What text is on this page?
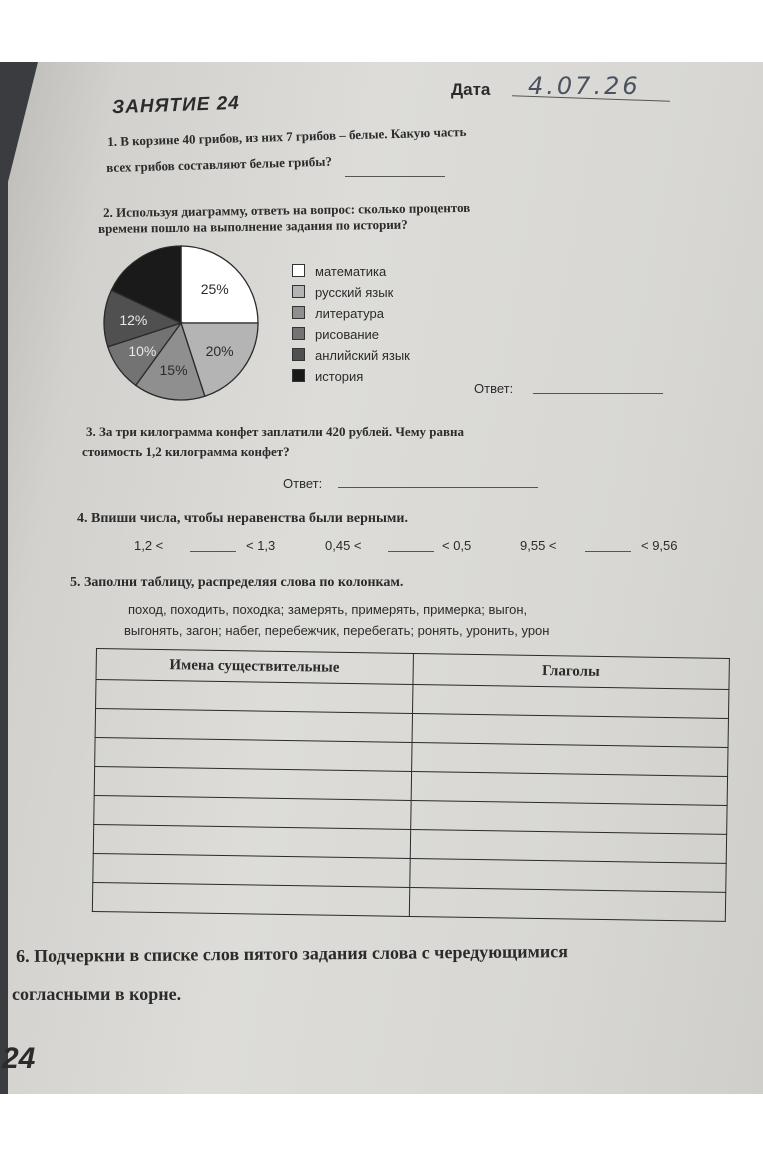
Дата 4.07.26
ЗАНЯТИЕ 24
1. В корзине 40 грибов, из них 7 грибов – белые. Какую часть
всех грибов составляют белые грибы?
2. Используя диаграмму, ответь на вопрос: сколько процентов
времени пошло на выполнение задания по истории?
25%
20%
15%
10%
12%
математика
русский язык
литература
рисование
анлийский язык
история
Ответ:
3. За три килограмма конфет заплатили 420 рублей. Чему равна
стоимость 1,2 килограмма конфет?
Ответ:
4. Впиши числа, чтобы неравенства были верными.
1,2 <	< 1,3	0,45 <	< 0,5	9,55 <	< 9,56
5. Заполни таблицу, распределяя слова по колонкам.
поход, походить, походка; замерять, примерять, примерка; выгон,
выгонять, загон; набег, перебежчик, перебегать; ронять, уронить, урон
Имена существительные	Глаголы

6. Подчеркни в списке слов пятого задания слова с чередующимися
согласными в корне.
24
